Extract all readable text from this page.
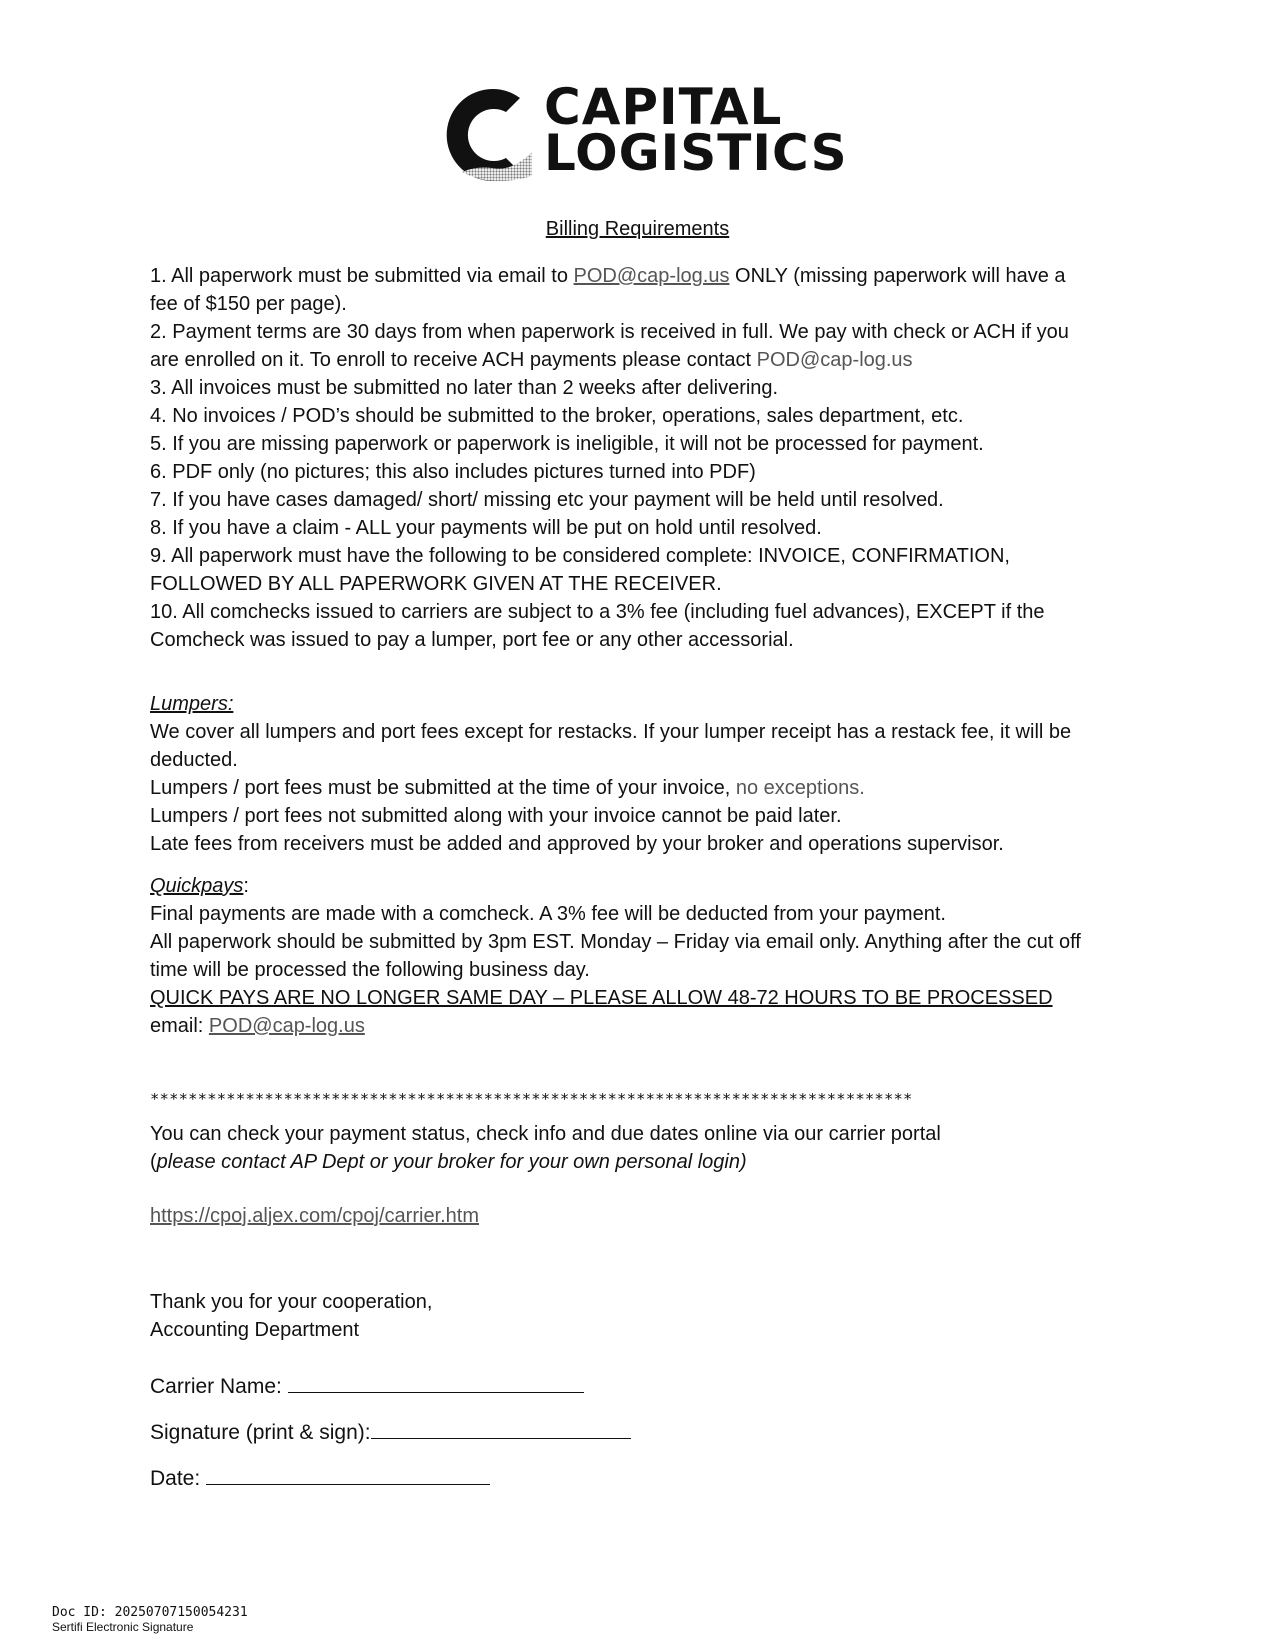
CAPITAL
LOGISTICS
Billing Requirements
1. All paperwork must be submitted via email to POD@cap-log.us ONLY (missing paperwork will have a
fee of $150 per page).
2. Payment terms are 30 days from when paperwork is received in full. We pay with check or ACH if you
are enrolled on it. To enroll to receive ACH payments please contact POD@cap-log.us
3. All invoices must be submitted no later than 2 weeks after delivering.
4. No invoices / POD’s should be submitted to the broker, operations, sales department, etc.
5. If you are missing paperwork or paperwork is ineligible, it will not be processed for payment.
6. PDF only (no pictures; this also includes pictures turned into PDF)
7. If you have cases damaged/ short/ missing etc your payment will be held until resolved.
8. If you have a claim - ALL your payments will be put on hold until resolved.
9. All paperwork must have the following to be considered complete: INVOICE, CONFIRMATION,
FOLLOWED BY ALL PAPERWORK GIVEN AT THE RECEIVER.
10. All comchecks issued to carriers are subject to a 3% fee (including fuel advances), EXCEPT if the
Comcheck was issued to pay a lumper, port fee or any other accessorial.
Lumpers:
We cover all lumpers and port fees except for restacks. If your lumper receipt has a restack fee, it will be
deducted.
Lumpers / port fees must be submitted at the time of your invoice, no exceptions.
Lumpers / port fees not submitted along with your invoice cannot be paid later.
Late fees from receivers must be added and approved by your broker and operations supervisor.
Quickpays:
Final payments are made with a comcheck. A 3% fee will be deducted from your payment.
All paperwork should be submitted by 3pm EST. Monday – Friday via email only. Anything after the cut off
time will be processed the following business day.
QUICK PAYS ARE NO LONGER SAME DAY – PLEASE ALLOW 48-72 HOURS TO BE PROCESSED
email: POD@cap-log.us
********************************************************************************
You can check your payment status, check info and due dates online via our carrier portal
(please contact AP Dept or your broker for your own personal login)
https://cpoj.aljex.com/cpoj/carrier.htm
Thank you for your cooperation,
Accounting Department
Carrier Name:
Signature (print & sign):
Date:
Doc ID: 20250707150054231
Sertifi Electronic Signature
